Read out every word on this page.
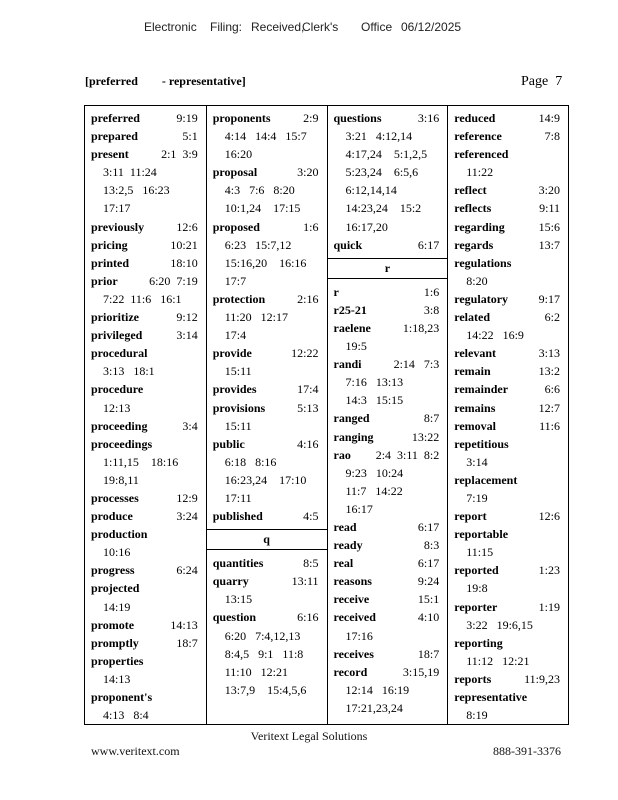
Electronic Filing: Received,
Clerk's Office 06/12/2025
[preferred        - representative]	Page  7
preferred	9:19
prepared	5:1
present	2:1  3:9
3:11  11:24
13:2,5   16:23
17:17
previously	12:6
pricing	10:21
printed	18:10
prior	6:20  7:19
7:22  11:6   16:1
prioritize	9:12
privileged	3:14
procedural
3:13   18:1
procedure
12:13
proceeding	3:4
proceedings
1:11,15    18:16
19:8,11
processes	12:9
produce	3:24
production
10:16
progress	6:24
projected
14:19
promote	14:13
promptly	18:7
properties
14:13
proponent's
4:13   8:4
proponents	2:9
4:14   14:4   15:7
16:20
proposal	3:20
4:3   7:6   8:20
10:1,24    17:15
proposed	1:6
6:23   15:7,12
15:16,20    16:16
17:7
protection	2:16
11:20   12:17
17:4
provide	12:22
15:11
provides	17:4
provisions	5:13
15:11
public	4:16
6:18   8:16
16:23,24    17:10
17:11
published	4:5
q
quantities	8:5
quarry	13:11
13:15
question	6:16
6:20   7:4,12,13
8:4,5   9:1   11:8
11:10   12:21
13:7,9    15:4,5,6
questions	3:16
3:21   4:12,14
4:17,24    5:1,2,5
5:23,24    6:5,6
6:12,14,14
14:23,24    15:2
16:17,20
quick	6:17
r
r	1:6
r25-21	3:8
raelene	1:18,23
19:5
randi	2:14   7:3
7:16   13:13
14:3   15:15
ranged	8:7
ranging	13:22
rao 2:4  3:11  8:2
9:23   10:24
11:7   14:22
16:17
read	6:17
ready	8:3
real	6:17
reasons	9:24
receive	15:1
received	4:10
17:16
receives	18:7
record	3:15,19
12:14   16:19
17:21,23,24
reduced	14:9
reference	7:8
referenced
11:22
reflect	3:20
reflects	9:11
regarding	15:6
regards	13:7
regulations
8:20
regulatory	9:17
related	6:2
14:22   16:9
relevant	3:13
remain	13:2
remainder	6:6
remains	12:7
removal	11:6
repetitious
3:14
replacement
7:19
report	12:6
reportable
11:15
reported	1:23
19:8
reporter	1:19
3:22   19:6,15
reporting
11:12   12:21
reports	11:9,23
representative
8:19
Veritext Legal Solutions
www.veritext.com	888-391-3376
